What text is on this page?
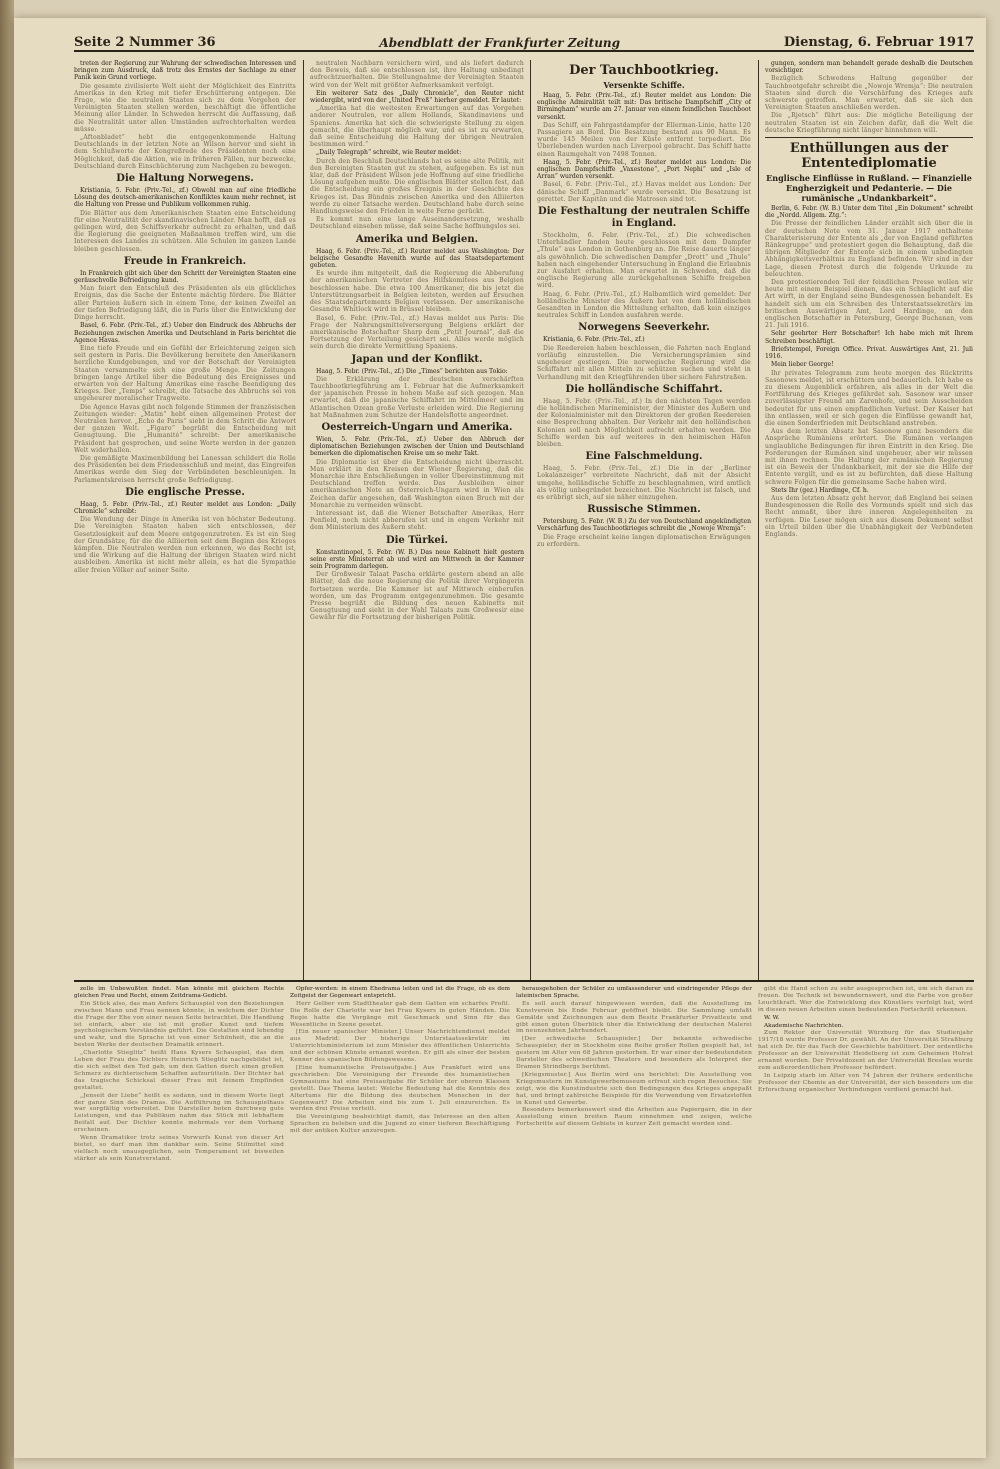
Seite 2 Nummer 36	Abendblatt der Frankfurter Zeitung	Dienstag, 6. Februar 1917

treten der Regierung zur Wahrung der schwedischen Interessen und bringen zum Ausdruck, daß trotz des Ernstes der Sachlage zu einer Panik kein Grund vorliege.

Die gesamte zivilisierte Welt sieht der Möglichkeit des Eintritts Amerikas in den Krieg mit tiefer Erschütterung entgegen. Die Frage, wie die neutralen Staaten sich zu dem Vorgehen der Vereinigten Staaten stellen werden, beschäftigt die öffentliche Meinung aller Länder. In Schweden herrscht die Auffassung, daß die Neutralität unter allen Umständen aufrechterhalten werden müsse.

„Aftonbladet“ hebt die entgegenkommende Haltung Deutschlands in der letzten Note an Wilson hervor und sieht in dem Schlußworte der Kongreßrede des Präsidenten noch eine Möglichkeit, daß die Aktion, wie in früheren Fällen, nur bezwecke, Deutschland durch Einschüchterung zum Nachgeben zu bewegen.

Die Haltung Norwegens.

Kristiania, 5. Febr. (Priv.-Tel., zf.) Obwohl man auf eine friedliche Lösung des deutsch-amerikanischen Konfliktes kaum mehr rechnet, ist die Haltung von Presse und Publikum vollkommen ruhig.

Die Blätter aus dem Amerikanischen Staaten eine Entscheidung für eine Neutralität der skandinavischen Länder. Man hofft, daß es gelingen wird, den Schiffsverkehr aufrecht zu erhalten, und daß die Regierung die geeigneten Maßnahmen treffen wird, um die Interessen des Landes zu schützen. Alle Schulen im ganzen Lande bleiben geschlossen.

Freude in Frankreich.

In Frankreich gibt sich über den Schritt der Vereinigten Staaten eine geräuschvolle Befriedigung kund.

Man feiert den Entschluß des Präsidenten als ein glückliches Ereignis, das die Sache der Entente mächtig fördere. Die Blätter aller Parteien äußern sich in einem Tone, der keinen Zweifel an der tiefen Befriedigung läßt, die in Paris über die Entwicklung der Dinge herrscht.

Basel, 6. Febr. (Priv.-Tel., zf.) Ueber den Eindruck des Abbruchs der Beziehungen zwischen Amerika und Deutschland in Paris berichtet die Agence Havas.

Eine tiefe Freude und ein Gefühl der Erleichterung zeigen sich seit gestern in Paris. Die Bevölkerung bereitete den Amerikanern herzliche Kundgebungen, und vor der Botschaft der Vereinigten Staaten versammelte sich eine große Menge. Die Zeitungen bringen lange Artikel über die Bedeutung des Ereignisses und erwarten von der Haltung Amerikas eine rasche Beendigung des Krieges. Der „Temps“ schreibt, die Tatsache des Abbruchs sei von ungeheurer moralischer Tragweite.

Die Agence Havas gibt noch folgende Stimmen der französischen Zeitungen wieder: „Matin“ hebt einen allgemeinen Protest der Neutralen hervor. „Echo de Paris“ sieht in dem Schritt die Antwort der ganzen Welt. „Figaro“ begrüßt die Entscheidung mit Genugtuung. Die „Humanité“ schreibt: Der amerikanische Präsident hat gesprochen, und seine Worte werden in der ganzen Welt widerhallen.

Die gemäßigte Maximenbildung bei Lanessan schildert die Rolle des Präsidenten bei dem Friedensschluß und meint, das Eingreifen Amerikas werde den Sieg der Verbündeten beschleunigen. In Parlamentskreisen herrscht große Befriedigung.

Die englische Presse.

Haag, 5. Febr. (Priv.-Tel., zf.) Reuter meldet aus London: „Daily Chronicle“ schreibt:

Die Wendung der Dinge in Amerika ist von höchster Bedeutung. Die Vereinigten Staaten haben sich entschlossen, der Gesetzlosigkeit auf dem Meere entgegenzutreten. Es ist ein Sieg der Grundsätze, für die die Alliierten seit dem Beginn des Krieges kämpfen. Die Neutralen werden nun erkennen, wo das Recht ist, und die Wirkung auf die Haltung der übrigen Staaten wird nicht ausbleiben. Amerika ist nicht mehr allein, es hat die Sympathie aller freien Völker auf seiner Seite.

neutralen Nachbarn versichern wird, und als liefert dadurch den Beweis, daß sie entschlossen ist, ihre Haltung unbedingt aufrechtzuerhalten. Die Stellungnahme der Vereinigten Staaten wird von der Welt mit größter Aufmerksamkeit verfolgt.

Ein weiterer Satz des „Daily Chronicle“, den Reuter nicht wiedergibt, wird von der „United Preß“ hierher gemeldet. Er lautet:

„Amerika hat die weitesten Erwartungen auf das Vorgehen anderer Neutralen, vor allem Hollands, Skandinaviens und Spaniens. Amerika hat sich die schwierigste Stellung zu eigen gemacht, die überhaupt möglich war, und es ist zu erwarten, daß seine Entscheidung die Haltung der übrigen Neutralen bestimmen wird.“

„Daily Telegraph“ schreibt, wie Reuter meldet:

Durch den Beschluß Deutschlands hat es seine alte Politik, mit den Bereinigten Staaten gut zu stehen, aufgegeben. Es ist nun klar, daß der Präsident Wilson jede Hoffnung auf eine friedliche Lösung aufgeben mußte. Die englischen Blätter stellen fest, daß die Entscheidung ein großes Ereignis in der Geschichte des Krieges ist. Das Bündnis zwischen Amerika und den Alliierten werde zu einer Tatsache werden. Deutschland habe durch seine Handlungsweise den Frieden in weite Ferne gerückt.

Es kommt nun eine lange Auseinandersetzung, weshalb Deutschland einsehen müsse, daß seine Sache hoffnungslos sei.

Amerika und Belgien.

Haag, 6. Febr. (Priv.-Tel., zf.) Reuter meldet aus Washington: Der belgische Gesandte Havenith wurde auf das Staatsdepartement gebeten.

Es wurde ihm mitgeteilt, daß die Regierung die Abberufung der amerikanischen Vertreter des Hilfskomitees aus Belgien beschlossen habe. Die etwa 100 Amerikaner, die bis jetzt die Unterstützungsarbeit in Belgien leiteten, werden auf Ersuchen des Staatsdepartements Belgien verlassen. Der amerikanische Gesandte Whitlock wird in Brüssel bleiben.

Basel, 6. Febr. (Priv.-Tel., zf.) Havas meldet aus Paris: Die Frage der Nahrungsmittelversorgung Belgiens erklärt der amerikanische Botschafter Sharp dem „Petit Journal“, daß die Fortsetzung der Verteilung gesichert sei. Alles werde möglich sein durch die direkte Vermittlung Spaniens.

Japan und der Konflikt.

Haag, 5. Febr. (Priv.-Tel., zf.) Die „Times“ berichten aus Tokio:

Die Erklärung der deutschen verschärften Tauchbootkriegführung am 1. Februar hat die Aufmerksamkeit der japanischen Presse in hohem Maße auf sich gezogen. Man erwartet, daß die japanische Schiffahrt im Mittelmeer und im Atlantischen Ozean große Verluste erleiden wird. Die Regierung hat Maßnahmen zum Schutze der Handelsflotte angeordnet.

Oesterreich-Ungarn und Amerika.

Wien, 5. Febr. (Priv.-Tel., zf.) Ueber den Abbruch der diplomatischen Beziehungen zwischen der Union und Deutschland bemerken die diplomatischen Kreise um so mehr Takt.

Die Diplomatie ist über die Entscheidung nicht überrascht. Man erklärt in den Kreisen der Wiener Regierung, daß die Monarchie ihre Entschließungen in voller Übereinstimmung mit Deutschland treffen werde. Das Ausbleiben einer amerikanischen Note an Österreich-Ungarn wird in Wien als Zeichen dafür angesehen, daß Washington einen Bruch mit der Monarchie zu vermeiden wünscht.

Interessant ist, daß die Wiener Botschafter Amerikas, Herr Penfield, noch nicht abberufen ist und in engem Verkehr mit dem Ministerium des Äußern steht.

Die Türkei.

Konstantinopel, 5. Febr. (W. B.) Das neue Kabinett hielt gestern seine erste Ministerrat ab und wird am Mittwoch in der Kammer sein Programm darlegen.

Der Großwesir Talaat Pascha erklärte gestern abend an alle Blätter, daß die neue Regierung die Politik ihrer Vorgängerin fortsetzen werde. Die Kammer ist auf Mittwoch einberufen worden, um das Programm entgegenzunehmen. Die gesamte Presse begrüßt die Bildung des neuen Kabinetts mit Genugtuung und sieht in der Wahl Talaats zum Großwesir eine Gewähr für die Fortsetzung der bisherigen Politik.

Der Tauchbootkrieg.
Versenkte Schiffe.

Haag, 5. Febr. (Priv.-Tel., zf.) Reuter meldet aus London: Die englische Admiralität teilt mit: Das britische Dampfschiff „City of Birmingham“ wurde am 27. Januar von einem feindlichen Tauchboot versenkt.

Das Schiff, ein Fahrgastdampfer der Ellerman-Linie, hatte 120 Passagiere an Bord. Die Besatzung bestand aus 90 Mann. Es wurde 145 Meilen von der Küste entfernt torpediert. Die Überlebenden wurden nach Liverpool gebracht. Das Schiff hatte einen Raumgehalt von 7498 Tonnen.

Haag, 5. Febr. (Priv.-Tel., zf.) Reuter meldet aus London: Die englischen Dampfschiffe „Vaxestone“, „Port Nephi“ und „Isle of Arran“ wurden versenkt.

Basel, 6. Febr. (Priv.-Tel., zf.) Havas meldet aus London: Der dänische Schiff „Danmark“ wurde versenkt. Die Besatzung ist gerettet. Der Kapitän und die Matrosen sind tot.

Die Festhaltung der neutralen Schiffe in England.

Stockholm, 6. Febr. (Priv.-Tel., zf.) Die schwedischen Unterhändler fanden heute geschlossen mit dem Dampfer „Thule“ aus London in Gothenburg an. Die Reise dauerte länger als gewöhnlich. Die schwedischen Dampfer „Drott“ und „Thule“ haben nach eingehender Untersuchung in England die Erlaubnis zur Ausfahrt erhalten. Man erwartet in Schweden, daß die englische Regierung alle zurückgehaltenen Schiffe freigeben wird.

Haag, 6. Febr. (Priv.-Tel., zf.) Halbamtlich wird gemeldet: Der holländische Minister des Äußern hat von dem holländischen Gesandten in London die Mitteilung erhalten, daß kein einziges neutrales Schiff in London ausfahren werde.

Norwegens Seeverkehr.

Kristiania, 6. Febr. (Priv.-Tel., zf.)

Die Reedereien haben beschlossen, die Fahrten nach England vorläufig einzustellen. Die Versicherungsprämien sind ungeheuer gestiegen. Die norwegische Regierung wird die Schiffahrt mit allen Mitteln zu schützen suchen und steht in Verhandlung mit den Kriegführenden über sichere Fahrstraßen.

Die holländische Schiffahrt.

Haag, 5. Febr. (Priv.-Tel., zf.) In den nächsten Tagen werden die holländischen Marineminister, der Minister des Äußern und der Kolonialminister mit den Direktoren der großen Reedereien eine Besprechung abhalten. Der Verkehr mit den holländischen Kolonien soll nach Möglichkeit aufrecht erhalten werden. Die Schiffe werden bis auf weiteres in den heimischen Häfen bleiben.

Eine Falschmeldung.

Haag, 5. Febr. (Priv.-Tel., zf.) Die in der „Berliner Lokalanzeiger“ verbreitete Nachricht, daß mit der Absicht umgehe, holländische Schiffe zu beschlagnahmen, wird amtlich als völlig unbegründet bezeichnet. Die Nachricht ist falsch, und es erübrigt sich, auf sie näher einzugehen.

Russische Stimmen.

Petersburg, 5. Febr. (W. B.) Zu der von Deutschland angekündigten Verschärfung des Tauchbootkrieges schreibt die „Nowoje Wremja“:

Die Frage erscheint keine langen diplomatischen Erwägungen zu erfordern.

gungen, sondern man behandelt gerade deshalb die Deutschen vorsichtiger.

Bezüglich Schwedens Haltung gegenüber der Tauchbootgefahr schreibt die „Nowoje Wremja“: Die neutralen Staaten sind durch die Verschärfung des Krieges aufs schwerste getroffen. Man erwartet, daß sie sich den Vereinigten Staaten anschließen werden.

Die „Rjetsch“ führt aus: Die mögliche Beteiligung der neutralen Staaten ist ein Zeichen dafür, daß die Welt die deutsche Kriegführung nicht länger hinnehmen will.

Enthüllungen aus der Ententediplomatie
Englische Einflüsse in Rußland. — Finanzielle Engherzigkeit und Pedanterie. — Die rumänische „Undankbarkeit“.

Berlin, 6. Febr. (W. B.) Unter dem Titel „Ein Dokument“ schreibt die „Nordd. Allgem. Ztg.“:

Die Presse der feindlichen Länder erzählt sich über die in der deutschen Note vom 31. Januar 1917 enthaltene Charakterisierung der Entente als „der von England geführten Ränkegruppe“ und protestiert gegen die Behauptung, daß die übrigen Mitglieder der Entente sich in einem unbedingten Abhängigkeitsverhältnis zu England befinden. Wir sind in der Lage, diesen Protest durch die folgende Urkunde zu beleuchten.

Den protestierenden Teil der feindlichen Presse wollen wir heute mit einem Beispiel dienen, das ein Schlaglicht auf die Art wirft, in der England seine Bundesgenossen behandelt. Es handelt sich um ein Schreiben des Unterstaatssekretärs im britischen Auswärtigen Amt, Lord Hardinge, an den englischen Botschafter in Petersburg, George Buchanan, vom 21. Juli 1916.

Sehr geehrter Herr Botschafter! Ich habe mich mit Ihrem Schreiben beschäftigt.

Briefstempel, Foreign Office. Privat. Auswärtiges Amt, 21. Juli 1916.

Mein lieber George!

Ihr privates Telegramm zum heute morgen des Rücktritts Sasonows meldet, ist erschüttern und bedauerlich. Ich habe es zu diesem Augenblick erfahren, als alles in der Welt die Fortführung des Krieges gefährdet sah. Sasonow war unser zuverlässigster Freund am Zarenhofe, und sein Ausscheiden bedeutet für uns einen empfindlichen Verlust. Der Kaiser hat ihn entlassen, weil er sich gegen die Einflüsse gewandt hat, die einen Sonderfrieden mit Deutschland anstreben.

Aus dem letzten Absatz hat Sasonow ganz besonders die Ansprüche Rumäniens erörtert. Die Rumänen verlangen unglaubliche Bedingungen für ihren Eintritt in den Krieg. Die Forderungen der Rumänen sind ungeheuer, aber wir müssen mit ihnen rechnen. Die Haltung der rumänischen Regierung ist ein Beweis der Undankbarkeit, mit der sie die Hilfe der Entente vergilt, und es ist zu befürchten, daß diese Haltung schwere Folgen für die gemeinsame Sache haben wird.

Stets Ihr (gez.) Hardinge, Cf. h.

Aus dem letzten Absatz geht hervor, daß England bei seinen Bundesgenossen die Rolle des Vormunds spielt und sich das Recht anmaßt, über ihre inneren Angelegenheiten zu verfügen. Die Leser mögen sich aus diesem Dokument selbst ein Urteil bilden über die Unabhängigkeit der Verbündeten Englands.

zelle im Unbewußten findet. Man könnte mit gleichem Rechte gleichen Frau und Recht, einem Zeitdrama-Gedicht.

Ein Stück also, das man Anfers Schauspiel von den Beziehungen zwischen Mann und Frau nennen könnte, in welchem der Dichter die Frage der Ehe von einer neuen Seite betrachtet. Die Handlung ist einfach, aber sie ist mit großer Kunst und tiefem psychologischem Verständnis geführt. Die Gestalten sind lebendig und wahr, und die Sprache ist von einer Schönheit, die an die besten Werke der deutschen Dramatik erinnert.

„Charlotte Stieglitz“ heißt Hans Kysers Schauspiel, das dem Leben der Frau des Dichters Heinrich Stieglitz nachgebildet ist, die sich selbst den Tod gab, um den Gatten durch einen großen Schmerz zu dichterischem Schaffen aufzurütteln. Der Dichter hat das tragische Schicksal dieser Frau mit feinem Empfinden gestaltet.

„Jenseit der Liebe“ heißt es sodann, und in diesem Worte liegt der ganze Sinn des Dramas. Die Aufführung im Schauspielhaus war sorgfältig vorbereitet. Die Darsteller boten durchweg gute Leistungen, und das Publikum nahm das Stück mit lebhaftem Beifall auf. Der Dichter konnte mehrmals vor dem Vorhang erscheinen.

Wenn Dramatiker trotz seines Vorwurfs Kunst von dieser Art bietet, so darf man ihm dankbar sein. Seine Stilmittel sind vielfach noch unausgeglichen, sein Temperament ist bisweilen stärker als sein Kunstverstand.

Opfer-werden: in einem Ehedrama leiten und ist die Frage, ob es dem Zeitgeist der Gegenwart entspricht.

Herr Gelber vom Stadttheater gab dem Gatten ein scharfes Profil. Die Rolle der Charlotte war bei Frau Kysers in guten Händen. Die Regie hatte die Vorgänge mit Geschmack und Sinn für das Wesentliche in Szene gesetzt.

[Ein neuer spanischer Minister.] Unser Nachrichtendienst meldet aus Madrid: Der bisherige Unterstaatssekretär im Unterrichtsministerium ist zum Minister des öffentlichen Unterrichts und der schönen Künste ernannt worden. Er gilt als einer der besten Kenner des spanischen Bildungswesens.

[Eine humanistische Preisaufgabe.] Aus Frankfurt wird uns geschrieben: Die Vereinigung der Freunde des humanistischen Gymnasiums hat eine Preisaufgabe für Schüler der oberen Klassen gestellt. Das Thema lautet: Welche Bedeutung hat die Kenntnis des Altertums für die Bildung des deutschen Menschen in der Gegenwart? Die Arbeiten sind bis zum 1. Juli einzureichen. Es werden drei Preise verteilt.

Die Vereinigung beabsichtigt damit, das Interesse an den alten Sprachen zu beleben und die Jugend zu einer tieferen Beschäftigung mit der antiken Kultur anzuregen.

herausgehoben der Schüler zu umfassenderer und eindringender Pflege der lateinischen Sprache.

Es soll auch darauf hingewiesen werden, daß die Ausstellung im Kunstverein bis Ende Februar geöffnet bleibt. Die Sammlung umfaßt Gemälde und Zeichnungen aus dem Besitz Frankfurter Privatleute und gibt einen guten Überblick über die Entwicklung der deutschen Malerei im neunzehnten Jahrhundert.

[Der schwedische Schauspieler.] Der bekannte schwedische Schauspieler, der in Stockholm eine Reihe großer Rollen gespielt hat, ist gestern im Alter von 68 Jahren gestorben. Er war einer der bedeutendsten Darsteller des schwedischen Theaters und besonders als Interpret der Dramen Strindbergs berühmt.

[Kriegsmuster.] Aus Berlin wird uns berichtet: Die Ausstellung von Kriegsmustern im Kunstgewerbemuseum erfreut sich regen Besuches. Sie zeigt, wie die Kunstindustrie sich den Bedingungen des Krieges angepaßt hat, und bringt zahlreiche Beispiele für die Verwendung von Ersatzstoffen in Kunst und Gewerbe.

Besonders bemerkenswert sind die Arbeiten aus Papiergarn, die in der Ausstellung einen breiten Raum einnehmen und zeigen, welche Fortschritte auf diesem Gebiete in kurzer Zeit gemacht worden sind.

gibt die Hand schon zu sehr ausgesprochen ist, um sich daran zu freuen. Die Technik ist bewundernswert, und die Farbe von großer Leuchtkraft. Wer die Entwicklung des Künstlers verfolgt hat, wird in diesen neuen Arbeiten einen bedeutenden Fortschritt erkennen.

W. W.

Akademische Nachrichten.

Zum Rektor der Universität Würzburg für das Studienjahr 1917/18 wurde Professor Dr. gewählt. An der Universität Straßburg hat sich Dr. für das Fach der Geschichte habilitiert. Der ordentliche Professor an der Universität Heidelberg ist zum Geheimen Hofrat ernannt worden. Der Privatdozent an der Universität Breslau wurde zum außerordentlichen Professor befördert.

In Leipzig starb im Alter von 74 Jahren der frühere ordentliche Professor der Chemie an der Universität, der sich besonders um die Erforschung organischer Verbindungen verdient gemacht hat.
